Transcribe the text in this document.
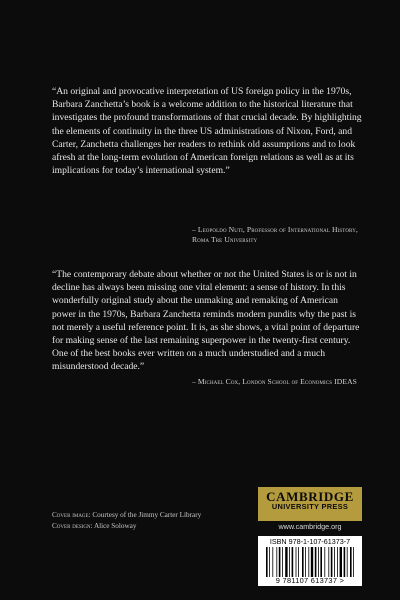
“An original and provocative interpretation of US foreign policy in the 1970s, Barbara Zanchetta’s book is a welcome addition to the historical literature that investigates the profound transformations of that crucial decade. By highlighting the elements of continuity in the three US administrations of Nixon, Ford, and Carter, Zanchetta challenges her readers to rethink old assumptions and to look afresh at the long-term evolution of American foreign relations as well as at its implications for today’s international system.”

– Leopoldo Nuti, Professor of International History, Roma Tre University

“The contemporary debate about whether or not the United States is or is not in decline has always been missing one vital element: a sense of history. In this wonderfully original study about the unmaking and remaking of American power in the 1970s, Barbara Zanchetta reminds modern pundits why the past is not merely a useful reference point. It is, as she shows, a vital point of departure for making sense of the last remaining superpower in the twenty-first century. One of the best books ever written on a much understudied and a much misunderstood decade.”

– Michael Cox, London School of Economics IDEAS
Cover image: Courtesy of the Jimmy Carter Library
Cover design: Alice Soloway
CAMBRIDGE
UNIVERSITY PRESS
www.cambridge.org
ISBN 978-1-107-61373-7
9 781107 613737 >
